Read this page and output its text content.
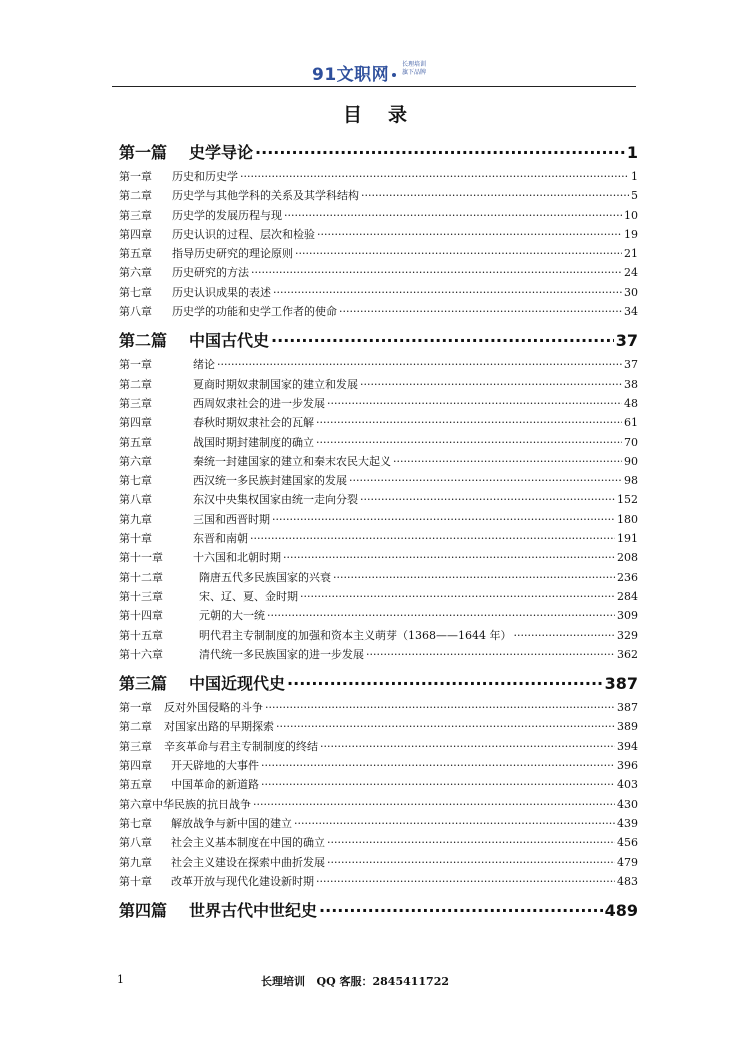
91文职网
长理培训
旗下品牌
目录
第一篇 史学导论 ·····	1
第一章	历史和历史学 ·····	1
第二章	历史学与其他学科的关系及其学科结构 ·····	5
第三章	历史学的发展历程与现 ·····	10
第四章	历史认识的过程、层次和检验 ·····	19
第五章	指导历史研究的理论原则 ·····	21
第六章	历史研究的方法 ·····	24
第七章	历史认识成果的表述 ·····	30
第八章	历史学的功能和史学工作者的使命 ·····	34
第二篇 中国古代史 ·····	37
第一章	绪论 ·····	37
第二章	夏商时期奴隶制国家的建立和发展 ·····	38
第三章	西周奴隶社会的进一步发展 ·····	48
第四章	春秋时期奴隶社会的瓦解 ·····	61
第五章	战国时期封建制度的确立 ·····	70
第六章	秦统一封建国家的建立和秦末农民大起义 ·····	90
第七章	西汉统一多民族封建国家的发展 ·····	98
第八章	东汉中央集权国家由统一走向分裂 ·····	152
第九章	三国和西晋时期 ·····	180
第十章	东晋和南朝 ·····	191
第十一章	十六国和北朝时期 ·····	208
第十二章	隋唐五代多民族国家的兴衰 ·····	236
第十三章	宋、辽、夏、金时期 ·····	284
第十四章	元朝的大一统 ·····	309
第十五章	明代君主专制制度的加强和资本主义萌芽（1368——1644 年） ·····	329
第十六章	清代统一多民族国家的进一步发展 ·····	362
第三篇 中国近现代史 ·····	387
第一章	反对外国侵略的斗争 ·····	387
第二章	对国家出路的早期探索 ·····	389
第三章	辛亥革命与君主专制制度的终结 ·····	394
第四章	开天辟地的大事件 ·····	396
第五章	中国革命的新道路 ·····	403
第六章 中华民族的抗日战争 ·····	430
第七章	解放战争与新中国的建立 ·····	439
第八章	社会主义基本制度在中国的确立 ·····	456
第九章	社会主义建设在探索中曲折发展 ·····	479
第十章	改革开放与现代化建设新时期 ·····	483
第四篇 世界古代中世纪史 ·····	489
1	长理培训   QQ 客服：2845411722
